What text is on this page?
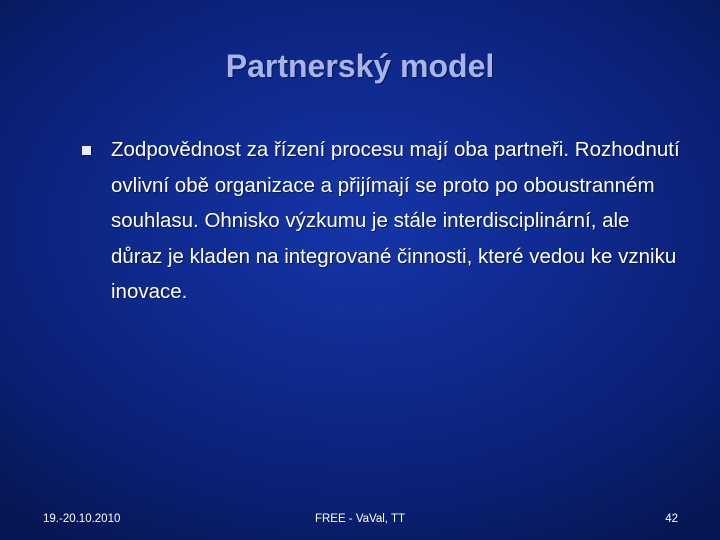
Partnerský model
Zodpovědnost za řízení procesu mají oba partneři. Rozhodnutí ovlivní obě organizace a přijímají se proto po oboustranném souhlasu. Ohnisko výzkumu je stále interdisciplinární, ale důraz je kladen na integrované činnosti, které vedou ke vzniku inovace.
FREE - VaVal, TT
19.-20.10.2010	42
